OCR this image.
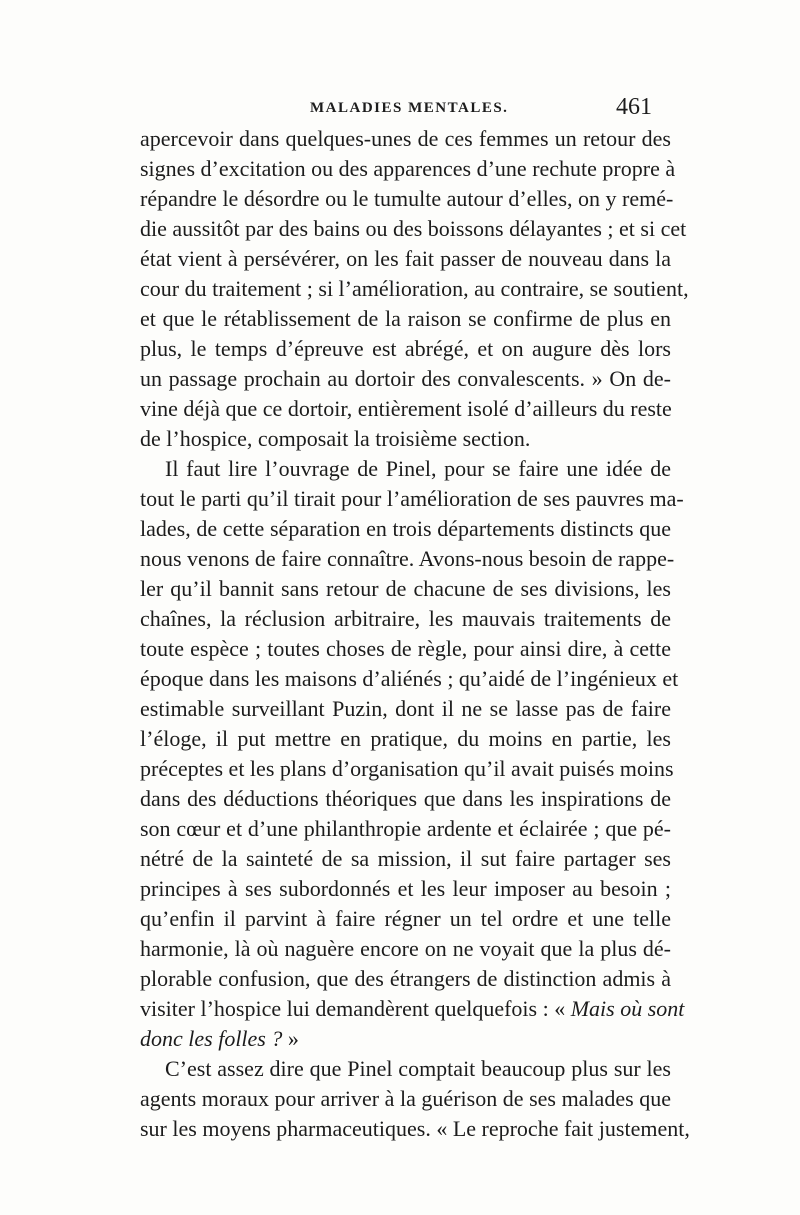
MALADIES MENTALES.	461
apercevoir dans quelques-unes de ces femmes un retour des
signes d’excitation ou des apparences d’une rechute propre à
répandre le désordre ou le tumulte autour d’elles, on y remé-
die aussitôt par des bains ou des boissons délayantes ; et si cet
état vient à persévérer, on les fait passer de nouveau dans la
cour du traitement ; si l’amélioration, au contraire, se soutient,
et que le rétablissement de la raison se confirme de plus en
plus, le temps d’épreuve est abrégé, et on augure dès lors
un passage prochain au dortoir des convalescents. » On de-
vine déjà que ce dortoir, entièrement isolé d’ailleurs du reste
de l’hospice, composait la troisième section.
Il faut lire l’ouvrage de Pinel, pour se faire une idée de
tout le parti qu’il tirait pour l’amélioration de ses pauvres ma-
lades, de cette séparation en trois départements distincts que
nous venons de faire connaître. Avons-nous besoin de rappe-
ler qu’il bannit sans retour de chacune de ses divisions, les
chaînes, la réclusion arbitraire, les mauvais traitements de
toute espèce ; toutes choses de règle, pour ainsi dire, à cette
époque dans les maisons d’aliénés ; qu’aidé de l’ingénieux et
estimable surveillant Puzin, dont il ne se lasse pas de faire
l’éloge, il put mettre en pratique, du moins en partie, les
préceptes et les plans d’organisation qu’il avait puisés moins
dans des déductions théoriques que dans les inspirations de
son cœur et d’une philanthropie ardente et éclairée ; que pé-
nétré de la sainteté de sa mission, il sut faire partager ses
principes à ses subordonnés et les leur imposer au besoin ;
qu’enfin il parvint à faire régner un tel ordre et une telle
harmonie, là où naguère encore on ne voyait que la plus dé-
plorable confusion, que des étrangers de distinction admis à
visiter l’hospice lui demandèrent quelquefois : « Mais où sont
donc les folles ? »
C’est assez dire que Pinel comptait beaucoup plus sur les
agents moraux pour arriver à la guérison de ses malades que
sur les moyens pharmaceutiques. « Le reproche fait justement,
